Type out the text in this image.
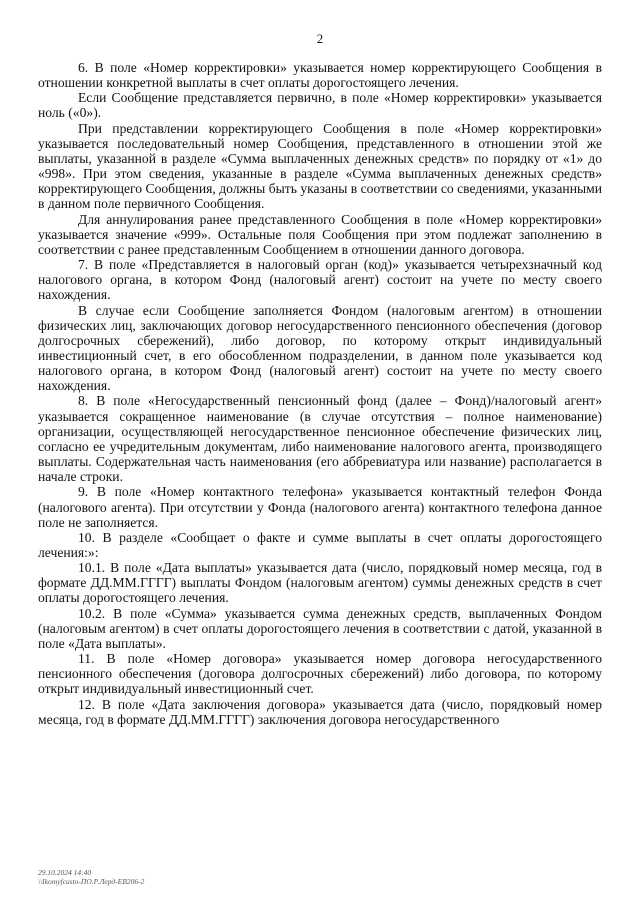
2

6. В поле «Номер корректировки» указывается номер корректирующего Сообщения в отношении конкретной выплаты в счет оплаты дорогостоящего лечения.

Если Сообщение представляется первично, в поле «Номер корректировки» указывается ноль («0»).

При представлении корректирующего Сообщения в поле «Номер корректировки» указывается последовательный номер Сообщения, представленного в отношении этой же выплаты, указанной в разделе «Сумма выплаченных денежных средств» по порядку от «1» до «998». При этом сведения, указанные в разделе «Сумма выплаченных денежных средств» корректирующего Сообщения, должны быть указаны в соответствии со сведениями, указанными в данном поле первичного Сообщения.

Для аннулирования ранее представленного Сообщения в поле «Номер корректировки» указывается значение «999». Остальные поля Сообщения при этом подлежат заполнению в соответствии с ранее представленным Сообщением в отношении данного договора.

7. В поле «Представляется в налоговый орган (код)» указывается четырехзначный код налогового органа, в котором Фонд (налоговый агент) состоит на учете по месту своего нахождения.

В случае если Сообщение заполняется Фондом (налоговым агентом) в отношении физических лиц, заключающих договор негосударственного пенсионного обеспечения (договор долгосрочных сбережений), либо договор, по которому открыт индивидуальный инвестиционный счет, в его обособленном подразделении, в данном поле указывается код налогового органа, в котором Фонд (налоговый агент) состоит на учете по месту своего нахождения.

8. В поле «Негосударственный пенсионный фонд (далее – Фонд)/налоговый агент» указывается сокращенное наименование (в случае отсутствия – полное наименование) организации, осуществляющей негосударственное пенсионное обеспечение физических лиц, согласно ее учредительным документам, либо наименование налогового агента, производящего выплаты. Содержательная часть наименования (его аббревиатура или название) располагается в начале строки.

9. В поле «Номер контактного телефона» указывается контактный телефон Фонда (налогового агента). При отсутствии у Фонда (налогового агента) контактного телефона данное поле не заполняется.

10. В разделе «Сообщает о факте и сумме выплаты в счет оплаты дорогостоящего лечения:»:

10.1. В поле «Дата выплаты» указывается дата (число, порядковый номер месяца, год в формате ДД.ММ.ГГГГ) выплаты Фондом (налоговым агентом) суммы денежных средств в счет оплаты дорогостоящего лечения.

10.2. В поле «Сумма» указывается сумма денежных средств, выплаченных Фондом (налоговым агентом) в счет оплаты дорогостоящего лечения в соответствии с датой, указанной в поле «Дата выплаты».

11. В поле «Номер договора» указывается номер договора негосударственного пенсионного обеспечения (договора долгосрочных сбережений) либо договора, по которому открыт индивидуальный инвестиционный счет.

12. В поле «Дата заключения договора» указывается дата (число, порядковый номер месяца, год в формате ДД.ММ.ГГГГ) заключения договора негосударственного

29.10.2024 14:40
\\Ikomyfcusto-ПО.Р.Лерд-ЕВ206-2
